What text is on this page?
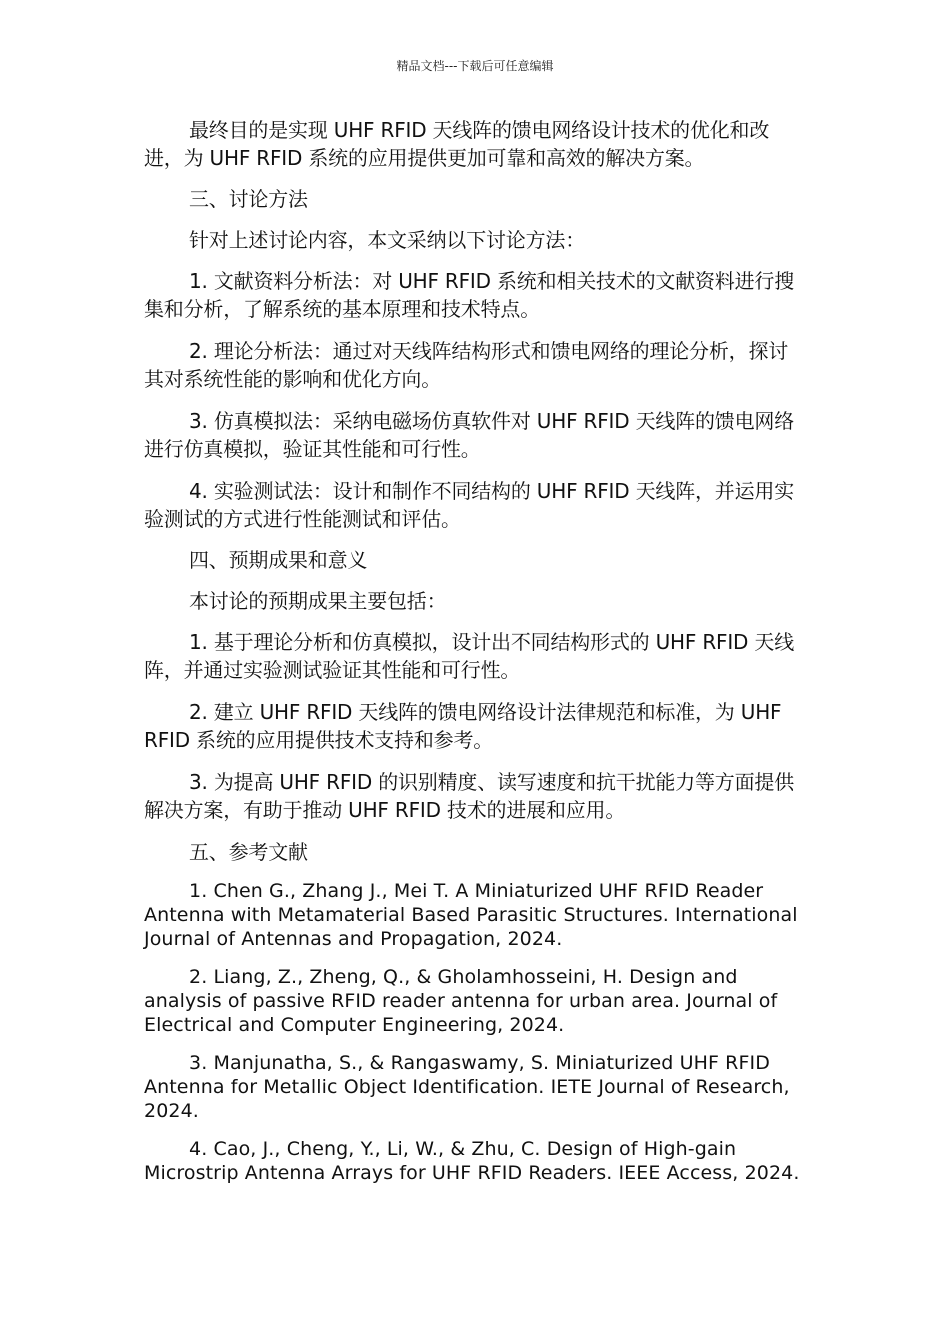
精品文档---下载后可任意编辑

最终目的是实现 UHF RFID 天线阵的馈电网络设计技术的优化和改进，为 UHF RFID 系统的应用提供更加可靠和高效的解决方案。

三、讨论方法

针对上述讨论内容，本文采纳以下讨论方法：

1. 文献资料分析法：对 UHF RFID 系统和相关技术的文献资料进行搜集和分析，了解系统的基本原理和技术特点。

2. 理论分析法：通过对天线阵结构形式和馈电网络的理论分析，探讨其对系统性能的影响和优化方向。

3. 仿真模拟法：采纳电磁场仿真软件对 UHF RFID 天线阵的馈电网络进行仿真模拟，验证其性能和可行性。

4. 实验测试法：设计和制作不同结构的 UHF RFID 天线阵，并运用实验测试的方式进行性能测试和评估。

四、预期成果和意义

本讨论的预期成果主要包括：

1. 基于理论分析和仿真模拟，设计出不同结构形式的 UHF RFID 天线阵，并通过实验测试验证其性能和可行性。

2. 建立 UHF RFID 天线阵的馈电网络设计法律规范和标准，为 UHF RFID 系统的应用提供技术支持和参考。

3. 为提高 UHF RFID 的识别精度、读写速度和抗干扰能力等方面提供解决方案，有助于推动 UHF RFID 技术的进展和应用。

五、参考文献

1. Chen G., Zhang J., Mei T. A Miniaturized UHF RFID Reader Antenna with Metamaterial Based Parasitic Structures. International Journal of Antennas and Propagation, 2024.

2. Liang, Z., Zheng, Q., & Gholamhosseini, H. Design and analysis of passive RFID reader antenna for urban area. Journal of Electrical and Computer Engineering, 2024.

3. Manjunatha, S., & Rangaswamy, S. Miniaturized UHF RFID Antenna for Metallic Object Identification. IETE Journal of Research, 2024.

4. Cao, J., Cheng, Y., Li, W., & Zhu, C. Design of High-gain Microstrip Antenna Arrays for UHF RFID Readers. IEEE Access, 2024.
